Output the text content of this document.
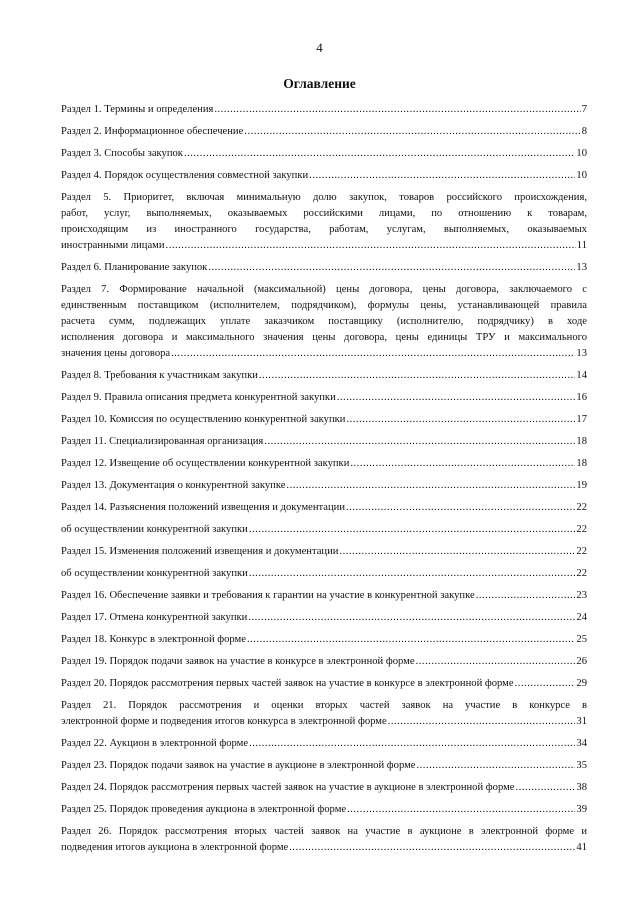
4
Оглавление
Раздел 1. Термины и определения .....	7
Раздел 2. Информационное обеспечение .....	8
Раздел 3. Способы закупок .....	10
Раздел 4. Порядок осуществления совместной закупки .....	10
Раздел 5. Приоритет, включая минимальную долю закупок, товаров российского происхождения,
работ, услуг, выполняемых, оказываемых российскими лицами, по отношению к товарам,
происходящим из иностранного государства, работам, услугам, выполняемых, оказываемых
иностранными лицами .....	11
Раздел 6. Планирование закупок .....	13
Раздел 7. Формирование начальной (максимальной) цены договора, цены договора, заключаемого с
единственным поставщиком (исполнителем, подрядчиком), формулы цены, устанавливающей правила
расчета сумм, подлежащих уплате заказчиком поставщику (исполнителю, подрядчику) в ходе
исполнения договора и максимального значения цены договора, цены единицы ТРУ и максимального
значения цены договора .....	13
Раздел 8. Требования к участникам закупки .....	14
Раздел 9. Правила описания предмета конкурентной закупки .....	16
Раздел 10. Комиссия по осуществлению конкурентной закупки .....	17
Раздел 11. Специализированная организация .....	18
Раздел 12. Извещение об осуществлении конкурентной закупки .....	18
Раздел 13. Документация о конкурентной закупке .....	19
Раздел 14. Разъяснения положений извещения и документации .....	22
об осуществлении конкурентной закупки .....	22
Раздел 15. Изменения положений извещения и документации .....	22
об осуществлении конкурентной закупки .....	22
Раздел 16. Обеспечение заявки и требования к гарантии на участие в конкурентной закупке .....	23
Раздел 17. Отмена конкурентной закупки .....	24
Раздел 18. Конкурс в электронной форме .....	25
Раздел 19. Порядок подачи заявок на участие в конкурсе в электронной форме .....	26
Раздел 20. Порядок рассмотрения первых частей заявок на участие в конкурсе в электронной форме .....	29
Раздел 21. Порядок рассмотрения и оценки вторых частей заявок на участие в конкурсе в
электронной форме и подведения итогов конкурса в электронной форме .....	31
Раздел 22. Аукцион в электронной форме .....	34
Раздел 23. Порядок подачи заявок на участие в аукционе в электронной форме .....	35
Раздел 24. Порядок рассмотрения первых частей заявок на участие в аукционе в электронной форме .....	38
Раздел 25. Порядок проведения аукциона в электронной форме .....	39
Раздел 26. Порядок рассмотрения вторых частей заявок на участие в аукционе в электронной форме и
подведения итогов аукциона в электронной форме .....	41
